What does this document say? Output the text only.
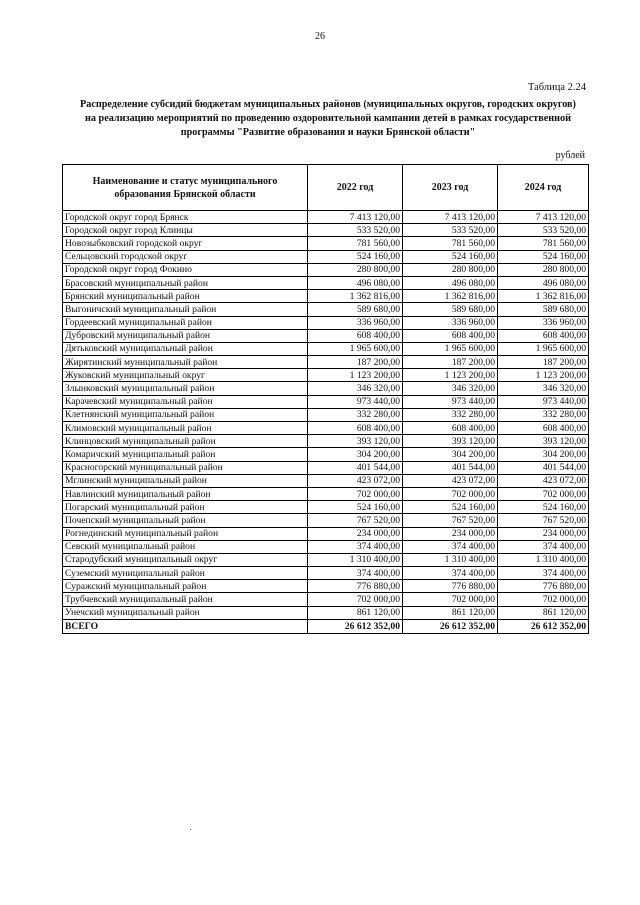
26
Таблица 2.24
Распределение субсидий бюджетам муниципальных районов (муниципальных округов, городских округов)
на реализацию мероприятий по проведению оздоровительной кампании детей в рамках государственной
программы "Развитие образования и науки Брянской области"
рублей
Наименование и статус муниципального образования Брянской области	2022 год	2023 год	2024 год
Городской округ город Брянск	7 413 120,00	7 413 120,00	7 413 120,00
Городской округ город Клинцы	533 520,00	533 520,00	533 520,00
Новозыбковский городской округ	781 560,00	781 560,00	781 560,00
Сельцовский городской округ	524 160,00	524 160,00	524 160,00
Городской округ город Фокино	280 800,00	280 800,00	280 800,00
Брасовский муниципальный район	496 080,00	496 080,00	496 080,00
Брянский муниципальный район	1 362 816,00	1 362 816,00	1 362 816,00
Выгоничский муниципальный район	589 680,00	589 680,00	589 680,00
Гордеевский муниципальный район	336 960,00	336 960,00	336 960,00
Дубровский муниципальный район	608 400,00	608 400,00	608 400,00
Дятьковский муниципальный район	1 965 600,00	1 965 600,00	1 965 600,00
Жирятинский муниципальный район	187 200,00	187 200,00	187 200,00
Жуковский муниципальный округ	1 123 200,00	1 123 200,00	1 123 200,00
Злынковский муниципальный район	346 320,00	346 320,00	346 320,00
Карачевский муниципальный район	973 440,00	973 440,00	973 440,00
Клетнянский муниципальный район	332 280,00	332 280,00	332 280,00
Климовский муниципальный район	608 400,00	608 400,00	608 400,00
Клинцовский муниципальный район	393 120,00	393 120,00	393 120,00
Комаричский муниципальный район	304 200,00	304 200,00	304 200,00
Красногорский муниципальный район	401 544,00	401 544,00	401 544,00
Мглинский муниципальный район	423 072,00	423 072,00	423 072,00
Навлинский муниципальный район	702 000,00	702 000,00	702 000,00
Погарский муниципальный район	524 160,00	524 160,00	524 160,00
Почепский муниципальный район	767 520,00	767 520,00	767 520,00
Рогнединский муниципальный район	234 000,00	234 000,00	234 000,00
Севский муниципальный район	374 400,00	374 400,00	374 400,00
Стародубский муниципальный округ	1 310 400,00	1 310 400,00	1 310 400,00
Суземский муниципальный район	374 400,00	374 400,00	374 400,00
Суражский муниципальный район	776 880,00	776 880,00	776 880,00
Трубчевский муниципальный район	702 000,00	702 000,00	702 000,00
Унечский муниципальный район	861 120,00	861 120,00	861 120,00
ВСЕГО	26 612 352,00	26 612 352,00	26 612 352,00
